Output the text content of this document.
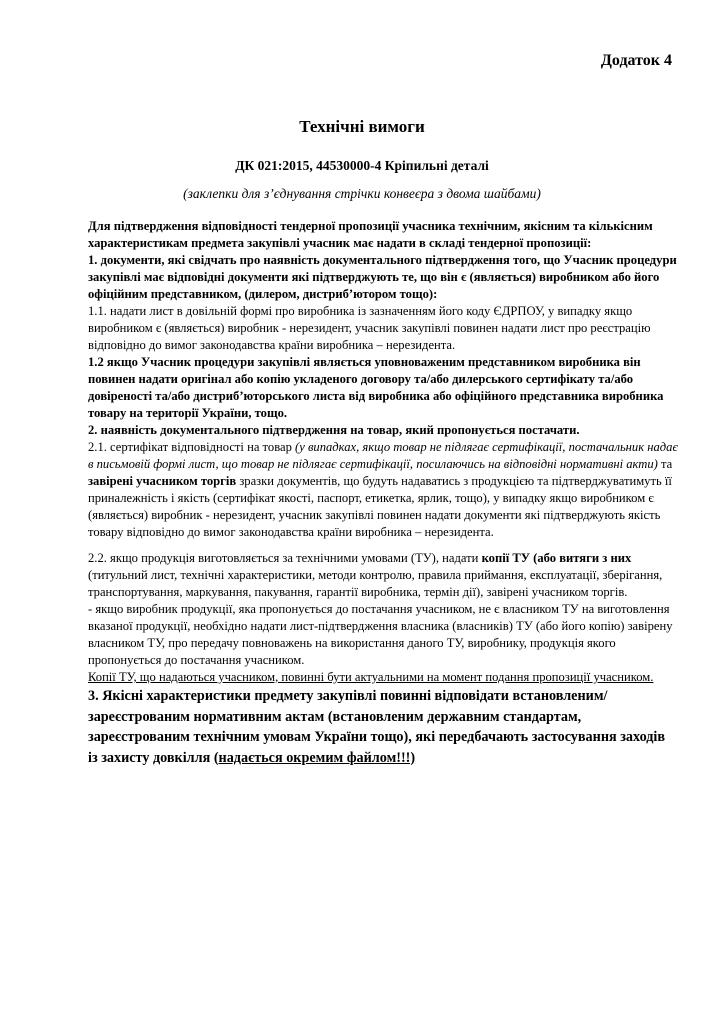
Додаток 4
Технічні вимоги
ДК 021:2015, 44530000-4 Кріпильні деталі
(заклепки для з’єднування стрічки конвеєра з двома шайбами)

Для підтвердження відповідності тендерної пропозиції учасника технічним, якісним та кількісним характеристикам предмета закупівлі учасник має надати в складі тендерної пропозиції:

1. документи, які свідчать про наявність документального підтвердження того, що Учасник процедури закупівлі має відповідні документи які підтверджують те, що він є (являється) виробником або його офіційним представником, (дилером, дистриб’ютором тощо):

1.1. надати лист в довільній формі про виробника із зазначенням його коду ЄДРПОУ, у випадку якщо виробником є (являється) виробник - нерезидент, учасник закупівлі повинен надати лист про реєстрацію відповідно до вимог законодавства країни виробника – нерезидента.

1.2 якщо Учасник процедури закупівлі являється уповноваженим представником виробника він повинен надати оригінал або копію укладеного договору та/або дилерського сертифікату та/або довіреності та/або дистриб’юторського листа від виробника або офіційного представника виробника товару на території України, тощо.

2. наявність документального підтвердження на товар, який пропонується постачати.

2.1. сертифікат відповідності на товар (у випадках, якщо товар не підлягає сертифікації, постачальник надає в письмовій формі лист, що товар не підлягає сертифікації, посилаючись на відповідні нормативні акти) та завірені учасником торгів зразки документів, що будуть надаватись з продукцією та підтверджуватимуть її приналежність і якість (сертифікат якості, паспорт, етикетка, ярлик, тощо), у випадку якщо виробником є (являється) виробник - нерезидент, учасник закупівлі повинен надати документи які підтверджують якість товару відповідно до вимог законодавства країни виробника – нерезидента.

2.2. якщо продукція виготовляється за технічними умовами (ТУ), надати копії ТУ (або витяги з них (титульний лист, технічні характеристики, методи контролю, правила приймання, експлуатації, зберігання, транспортування, маркування, пакування, гарантії виробника, термін дії), завірені учасником торгів.

- якщо виробник продукції, яка пропонується до постачання учасником, не є власником ТУ на виготовлення вказаної продукції, необхідно надати лист-підтвердження власника (власників) ТУ (або його копію) завірену власником ТУ, про передачу повноважень на використання даного ТУ, виробнику, продукція якого пропонується до постачання учасником.

Копії ТУ, що надаються учасником, повинні бути актуальними на момент подання пропозиції учасником.

3. Якісні характеристики предмету закупівлі повинні відповідати встановленим/зареєстрованим нормативним актам (встановленим державним стандартам, зареєстрованим технічним умовам України тощо), які передбачають застосування заходів із захисту довкілля (надається окремим файлом!!!)
